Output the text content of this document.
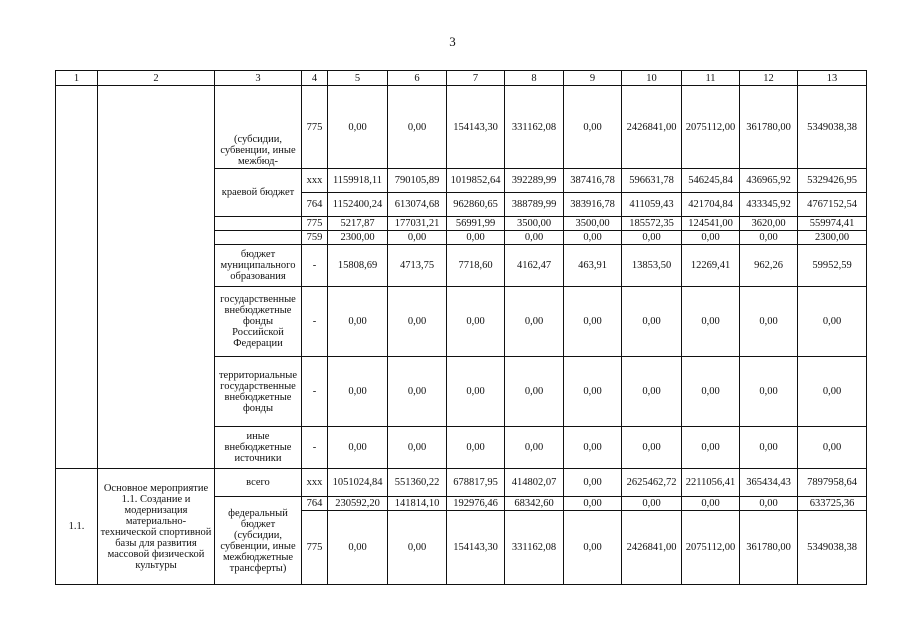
3
1	2	3	4	5	6	7	8	9	10	11	12	13
		(субсидии, субвенции, иные межбюд-	775	0,00	0,00	154143,30	331162,08	0,00	2426841,00	2075112,00	361780,00	5349038,38
		краевой бюджет	xxx	1159918,11	790105,89	1019852,64	392289,99	387416,78	596631,78	546245,84	436965,92	5329426,95
			764	1152400,24	613074,68	962860,65	388789,99	383916,78	411059,43	421704,84	433345,92	4767152,54
			775	5217,87	177031,21	56991,99	3500,00	3500,00	185572,35	124541,00	3620,00	559974,41
			759	2300,00	0,00	0,00	0,00	0,00	0,00	0,00	0,00	2300,00
		бюджет муниципального образования	-	15808,69	4713,75	7718,60	4162,47	463,91	13853,50	12269,41	962,26	59952,59
		государственные внебюджетные фонды Российской Федерации	-	0,00	0,00	0,00	0,00	0,00	0,00	0,00	0,00	0,00
		территориальные государственные внебюджетные фонды	-	0,00	0,00	0,00	0,00	0,00	0,00	0,00	0,00	0,00
		иные внебюджетные источники	-	0,00	0,00	0,00	0,00	0,00	0,00	0,00	0,00	0,00
1.1.	Основное мероприятие 1.1. Создание и модернизация материально-технической спортивной базы для развития массовой физической культуры	всего	xxx	1051024,84	551360,22	678817,95	414802,07	0,00	2625462,72	2211056,41	365434,43	7897958,64
		федеральный бюджет (субсидии, субвенции, иные межбюджетные трансферты)	764	230592,20	141814,10	192976,46	68342,60	0,00	0,00	0,00	0,00	633725,36
			775	0,00	0,00	154143,30	331162,08	0,00	2426841,00	2075112,00	361780,00	5349038,38
